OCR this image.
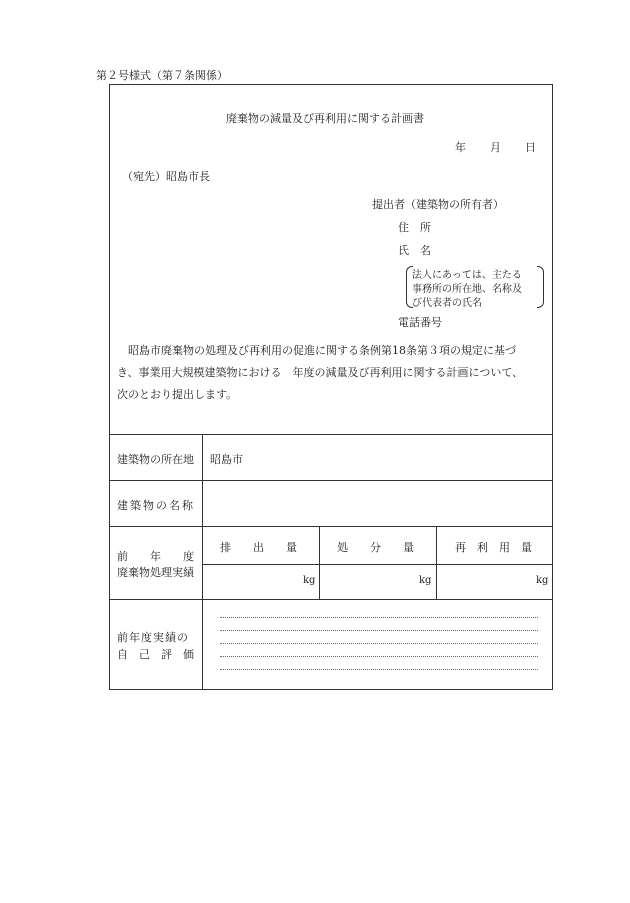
第２号様式（第７条関係）
廃棄物の減量及び再利用に関する計画書
年 月 日
（宛先）昭島市長
提出者（建築物の所有者）
住　所
氏　名
法人にあっては、主たる
事務所の所在地、名称及
び代表者の氏名
電話番号
　昭島市廃棄物の処理及び再利用の促進に関する条例第18条第３項の規定に基づ
き、事業用大規模建築物における　年度の減量及び再利用に関する計画について、
次のとおり提出します。
建築物の所在地 昭島市
建築物の名称
前　　年　　度
廃棄物処理実績
排　　出　　量	処　　分　　量	再　利　用　量
kg	kg	kg
前年度実績の
自　己　評　価
